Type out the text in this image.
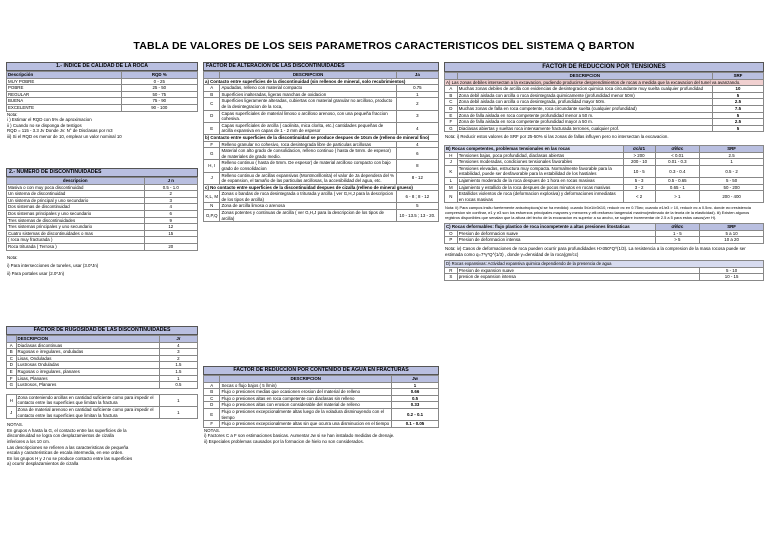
TABLA DE VALORES DE LOS SEIS PARAMETROS CARACTERISTICOS DEL SISTEMA Q BARTON
1.- INDICE DE CALIDAD DE LA ROCA
Descripción	RQD %
MUY POBRE	0 - 25
POBRE	25 - 50
REGULAR	50 - 75
BUENA	75 - 90
EXCELENTE	90 - 100
Nota:
i ) Estimar el RQD con 5% de aproximacion
ii ) Cuando no se disponga de testigos
RQD = 115 - 3.3 Jv Donde Jv: N° de Disclasas por m3
iii) Si el RQD es menor de 10, emplear un valor nominal 10
2.- NUMERO DE DISCONTINUIDADES
descripcion	J n
Masiva o con muy poca discontinuidad	0.5 - 1.0
Un sistema de discontinuidad	2
Un sistema de principal y uno secundario	3
Dos sistemas de discontinuidad	4
Dos sistemas principales y uno secundario	6
Tres sistemas de discontinuidades	9
Tres sistemas principales y uno secundario	12
Cuatro sistemas de discontinuidades o mas	15
( roca muy fracturada )	
Roca triturada ( Terrosa )	20
Nota:
i) Para intersecciones de tuneles, usar (3.0*Jn)
ii) Para portales usar (2.0*Jn)
FACTOR DE RUGOSIDAD DE LAS DISCONTINUIDADES
	DESCRIPCION	Jr
A	Diaclasas discontinuas	4
B	Rugosas e irregulares, onduladas	3
C	Lisas, Onduladas	2
D	Lustrosas Onduladas	1.5
E	Rugosas o irregulares, planares	1.5
F	Lisas, Planares	1
G	Lustrosos, Planares	0.5
H	Zona conteniendo arcillas en cantidad suficiente como para impedir el contacto entre las superficies que limitan la fractura	1
J	Zona de material arenoso en cantidad suficiente como para impedir el contacto entre las superficies que limitan la fractura	1
NOTAS.
En grupos A hasta la G, el contacto entre las superficies de la
discontinuidad se logra con desplazamientos de cizalla
inferiores a los 10 cm.
Las descripciones se refieren a las caracteristicas de pequeña
escala y caracteristicas de escala intermedia, en ese orden.
En los grupos H y J no se produce contacto entre las superficies
a) ocurrir desplazamientos de cizalla
FACTOR DE ALTERACION DE LAS DISCONTINUIDADES
	DESCRIPCION	Ja
a) Contacto entre superficies de la discontinuidad (sin rellenos de mineral, solo recubrimientos)		
A	Apudadas, relleno con material compacto	0.75
B	Superficies inalteradas, ligeras manchas de oxidacion	1
C	Superficies ligeramente alteradas, cubiertas con material granular no arcilloso, producto de la desintegracion de la roca,	2
D	Capas superficiales de material limoso o arcilloso arenoso, con una pequeña fraccion cohesiva.	3
E	Capas superficiales de arcilla ( caolinita, mica clorita, etc.) cantidades pequeñas de arcilla expansiva en capas de 1 - 2 mm de espesor	4
b) Contacto entre superficies de la discontinuidad se produce despues de 10cm de (relleno de mineral fino)		
F	Relleno granular no cohesivo, roca desintegrada libre de particulas arcillosas	4
G	Material con alto grado de consolidacion, relleno continuo ( hasta de 5mm. de espesor) de materiales de grado medio.	6
H, I	Relleno continuo ( hasta de 5mm. De espesor) de material arcilloso compacto con bajo grado de consolidacion	8
J	Relleno continuo de arcillas expansivas (Montmorillonita) el valor de Ja dependera del % de expansion, el tamaño de las particulas arcillosas, la accesibilidad del agua, etc.	8 - 12
c) No contacto entre superficies de la discontinuidad despues de cizalla (relleno de mineral grueso)		
K,L, M	Zonas o bandas de roca desintegrada o triturada y arcilla ( ver G,H,J para la descripcion de los tipos de arcilla)	6 - 8 ; 8 - 12
N	Zona de arcilla limosa o arenosa	5
O,P,Q	Zonas potentes y continuas de arcilla ( ver G,H,J para la descripcion de los tipos de arcilla)	10 - 13.5 ; 13 - 20.
FACTOR DE REDUCCION POR CONTENIDO DE AGUA EN FRACTURAS
	DESCRIPCION	Jw
A	Secas o flujo bajos ( 5 l/min)	1
B	Flujo o presiones medias que ocasionen erosion del material de relleno	0.66
C	Flujo o presiones altas en roca competente con diaclasas sin relleno	0.5
D	Flujo o presiones altas con erosion considerable del material de relleno	0.33
E	Flujo o presiones excepcionalmente altas luego de la voladura disminuyendo con el tiempo	0.2 - 0.1
F	Flujo o presiones excepcionalmente altas sin que ocurra una disminucion en el tiempo	0.1 - 0.05
NOTAS.
i) Factores C a F son estimaciones basicas. Aumentar Jw si se han instalado medidas de drenaje.
ii) Especiales problemas causados por la formacion de hielo no son considerados.
FACTOR DE REDUCCION POR TENSIONES
	DESCRIPCION	SRF
A) Las zonas debiles intersectan a la excavacion, pudiendo producirse desprendimientos de rocas a medida que la excavacion del tunel va avanzando.		
A	Muchas zonas debiles de arcilla con evidencias de desintegracion quimica roca circundante muy suelta cualquier profundidad	10
B	Zona debil aislada con arcilla o roca desintegrada quimicamente (profundidad menor 50m)	5
C	Zona debil aislada con arcilla o roca desintegrada, profundidad mayor 50m.	2.5
D	Muchas zonas de falla en roca competente, roca circundante suelta (cualquier profundidad)	7.5
E	Zona de falla aislada en roca competente profundidad menor a 50 m.	5
F	Zona de falla aislada en roca competente profundidad mayor a 50 m.	2.5
G	Diaclasas abiertas y sueltas roca intensamente fracturada terrones, cualquier prof.	5
Nota: i) Reducir estos valores de SRF por 25-50% si las zonas de fallas influyen pero no intersectan la excavacion.
B) Rocas competentes, problemas tensionales en las rocas		σc/σ1	σθ/σc	SRF
H	Tensiones bajas, poca profundidad, diaclasas abiertas	> 200	< 0.01	2.5
J	Tensiones moderadas, condiciones tensionales favorables	200 - 10	0.01 - 0.3	1
K	Tensiones elevadas, estructura muy compacta. Normalmente favorable para la estabilidad, puede ser desfavorable para la estabilidad de los hastiales	10 - 5	0.3 - 0.4	0.5 - 2
L	Lajamiento moderado de la roca despues de 1 hora en rocas masivas	5 - 3	0.5 - 0.65	5 - 50
M	Lajamiento y estallido de la roca despues de pocos minutos en rocas masivas	3 - 2	0.65 - 1	50 - 200
N	Estallidos violentos de roca (deformacion explosiva) y deformaciones inmediatas en rocas masivas	< 2	> 1	200 - 400
Nota: ii) Para campos insitu fuertemente anisotropicos(si se ha medido): cuando 5≤σ1/σ3≤10, reducir σc en 0.75σc; cuando σ1/σ3 > 10, reducir σc a 0.5σc. donde σc=resistencia compresion sin confinar, σ1 y σ3 son los esfuerzos principales mayores y menores y σθ=esfuerzo tangencial maximo(estimado de la teoria de la elasticidad). iii) Existen algunos registros disponibles que senalan que la altura del techo de la excavacion es superior a su ancho, se sugiere incrementar de 2.5 a 5 para estos casos(ver H).
C) Rocas deformables: flujo plastico de roca incompetente a altas presiones litostaticas		σθ/σc	SRF
O	Presion de deformacion suave	1 - 5	5 a 10
P	Presion de deformacion intensa	> 5	10 a 20
Nota: iv) Casos de deformaciones de roca pueden ocurrir para profundidades H>350*Q^(1/3). La resistencia a la compresion de la masa rocosa puede ser estimada como q=7*γ*Q^(1/3) , donde γ=densidad de la roca(gm/cc)
D) Rocas expansivas: Actividad expansiva quimica dependiendo de la presencia de agua		
R	Presion de expansion suave	5 - 10
S	presion de expansion intensa	10 - 15
